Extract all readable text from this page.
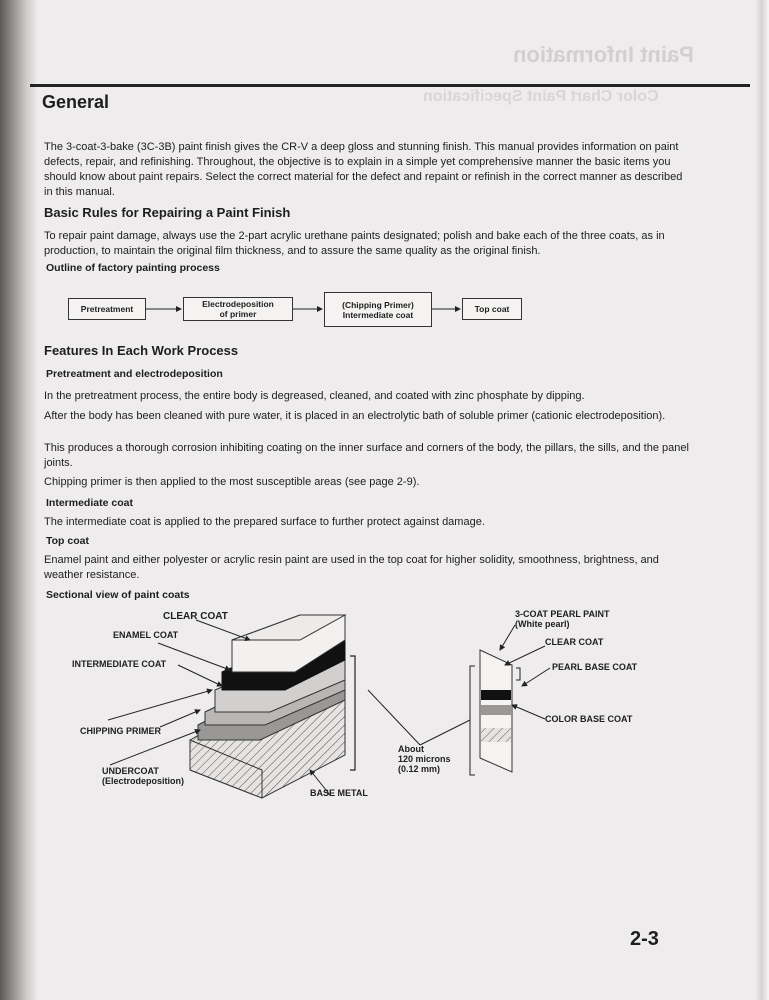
Paint Information
Color Chart Paint Specification
General
The 3-coat-3-bake (3C-3B) paint finish gives the CR-V a deep gloss and stunning finish. This manual provides information on paint defects, repair, and refinishing. Throughout, the objective is to explain in a simple yet comprehensive manner the basic items you should know about paint repairs. Select the correct material for the defect and repaint or refinish in the correct manner as described in this manual.
Basic Rules for Repairing a Paint Finish
To repair paint damage, always use the 2-part acrylic urethane paints designated; polish and bake each of the three coats, as in production, to maintain the original film thickness, and to assure the same quality as the original finish.
Outline of factory painting process
Pretreatment	Electrodeposition
of primer
(Chipping Primer)
Intermediate coat
Top coat
Features In Each Work Process
Pretreatment and electrodeposition
In the pretreatment process, the entire body is degreased, cleaned, and coated with zinc phosphate by dipping.
After the body has been cleaned with pure water, it is placed in an electrolytic bath of soluble primer (cationic electrodeposition).
This produces a thorough corrosion inhibiting coating on the inner surface and corners of the body, the pillars, the sills, and the panel joints.
Chipping primer is then applied to the most susceptible areas (see page 2-9).
Intermediate coat
The intermediate coat is applied to the prepared surface to further protect against damage.
Top coat
Enamel paint and either polyester or acrylic resin paint are used in the top coat for higher solidity, smoothness, brightness, and weather resistance.
Sectional view of paint coats
CLEAR COAT
ENAMEL COAT
INTERMEDIATE COAT
CHIPPING PRIMER
UNDERCOAT
(Electrodeposition)
BASE METAL
About
120 microns
(0.12 mm)
3-COAT PEARL PAINT
(White pearl)
CLEAR COAT
PEARL BASE COAT
COLOR BASE COAT
2-3
